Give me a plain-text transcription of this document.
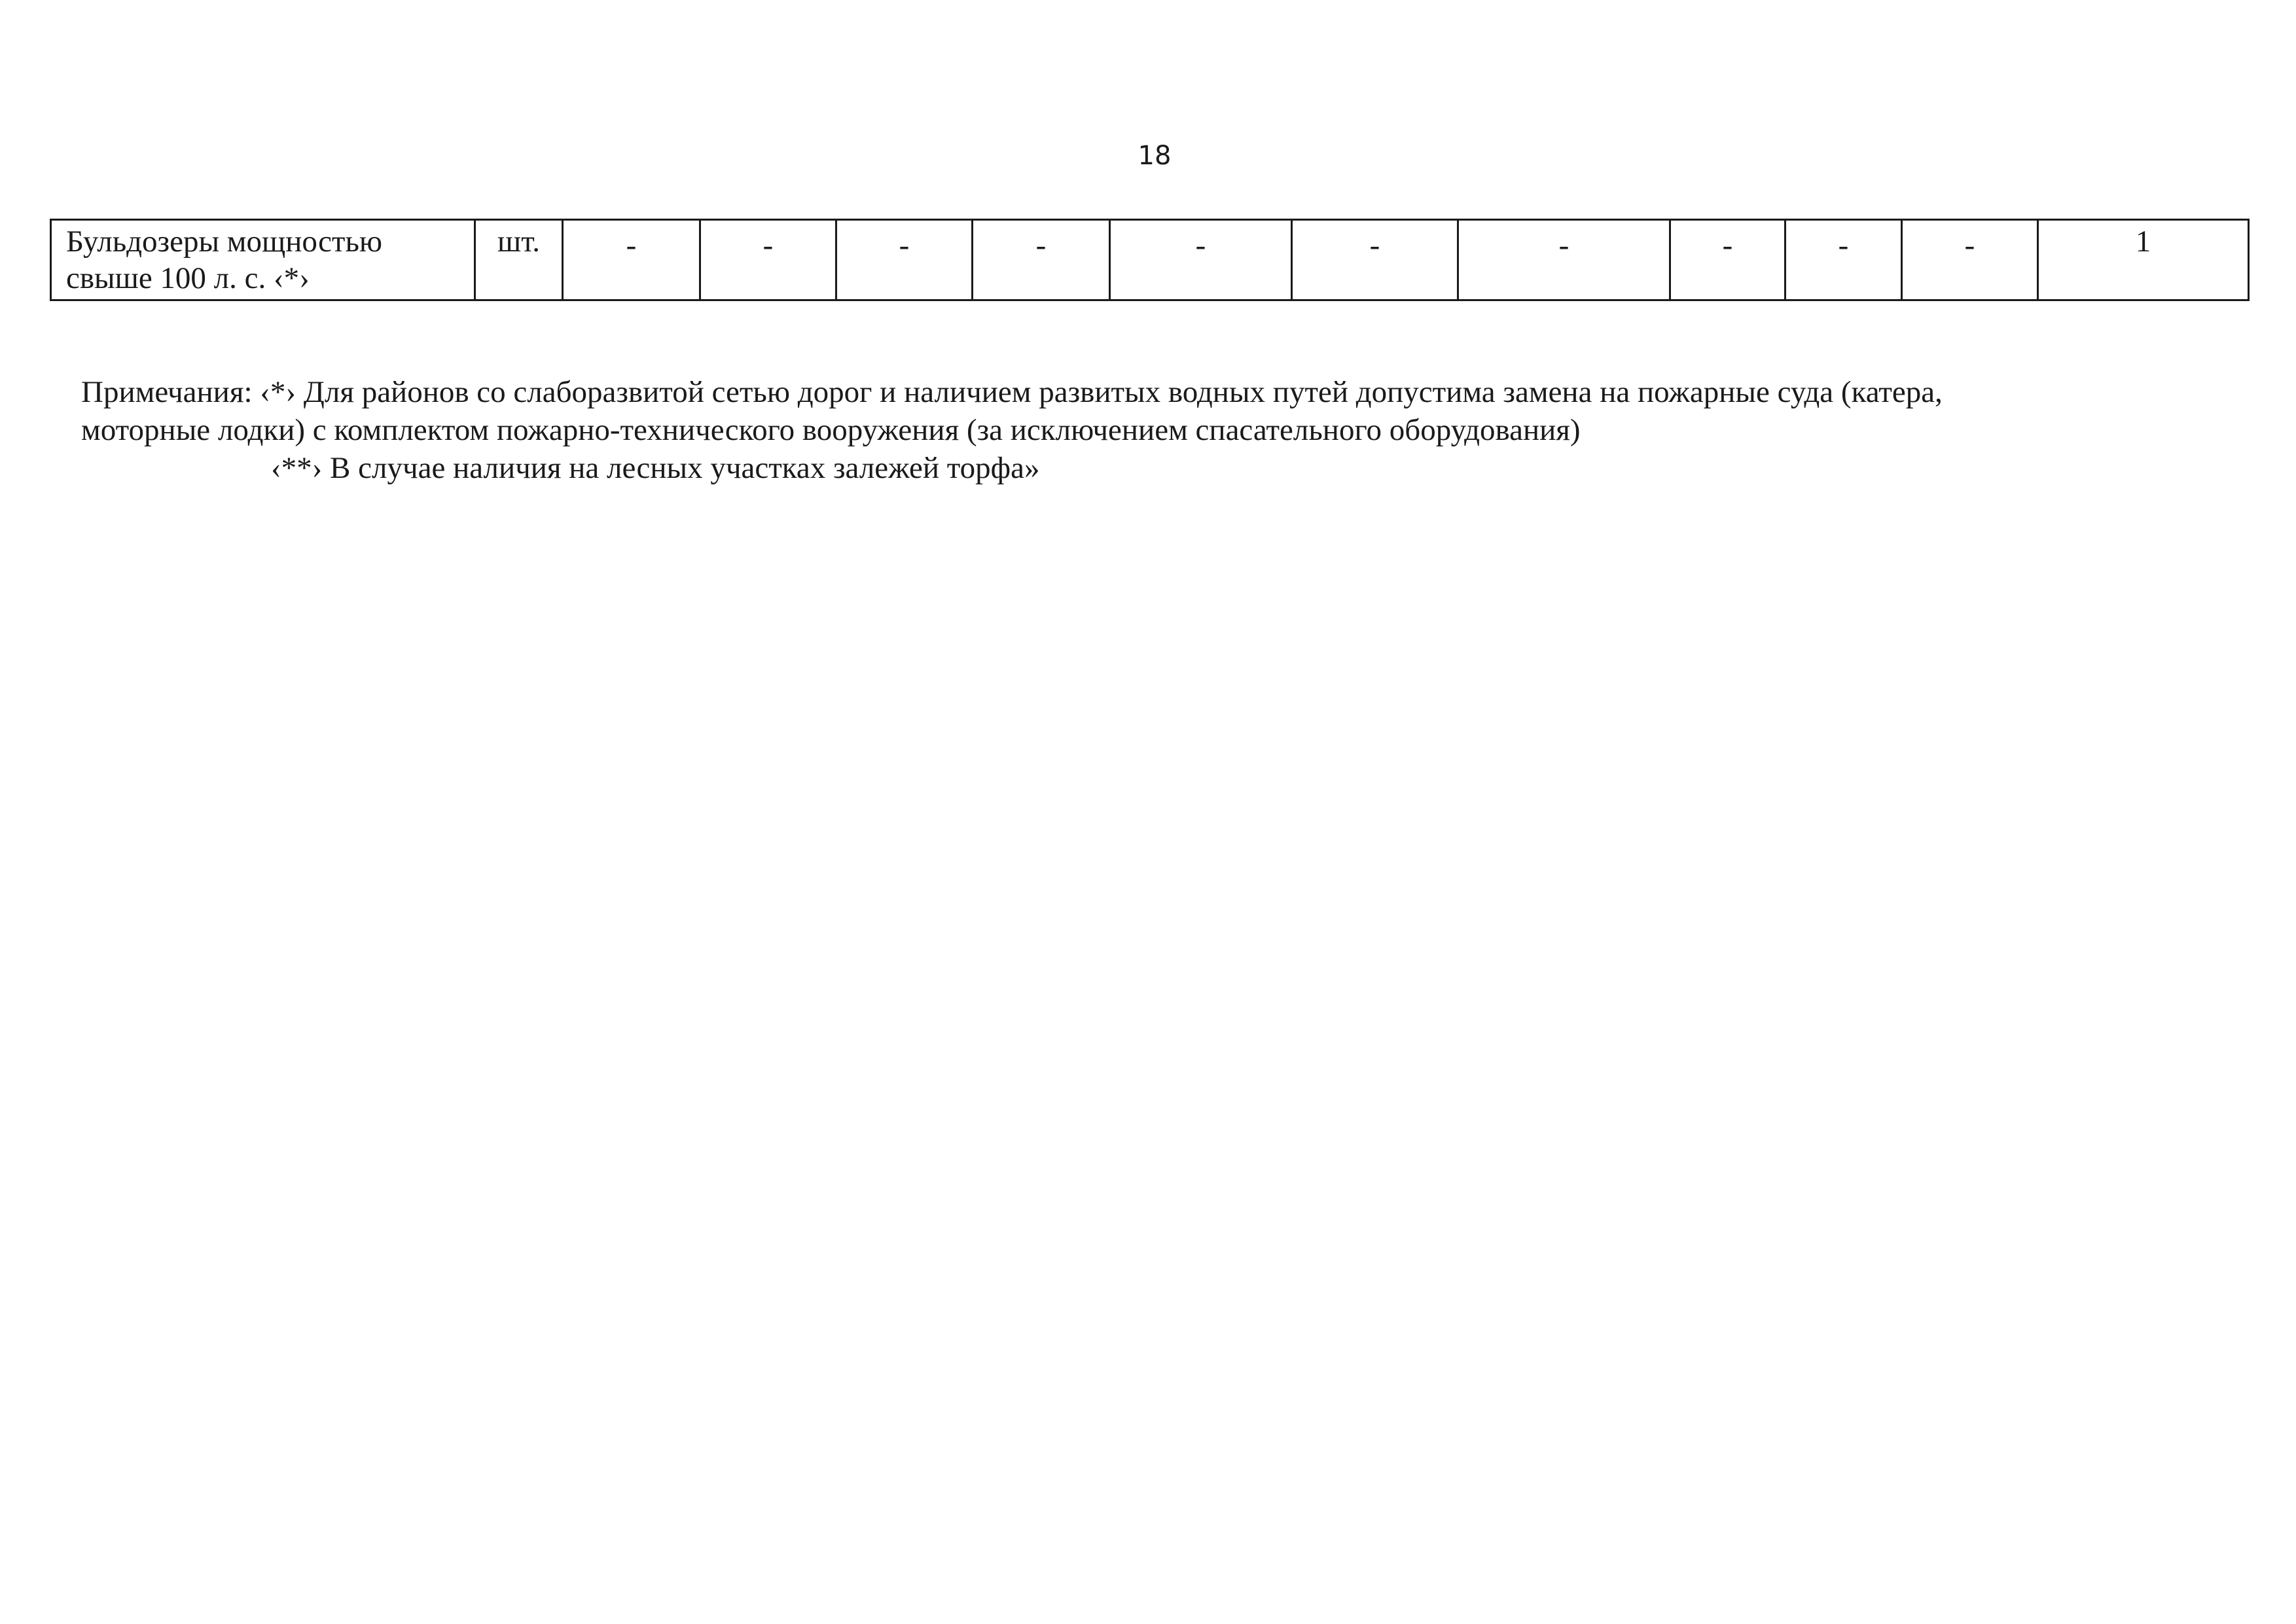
18
Бульдозеры мощностью
свыше 100 л. с. ‹*›	шт.	-	-	-	-	-	-	-	-	-	-	1
Примечания: ‹*› Для районов со слаборазвитой сетью дорог и наличием развитых водных путей допустима замена на пожарные суда (катера,
моторные лодки) с комплектом пожарно-технического вооружения (за исключением спасательного оборудования)
‹**› В случае наличия на лесных участках залежей торфа»
